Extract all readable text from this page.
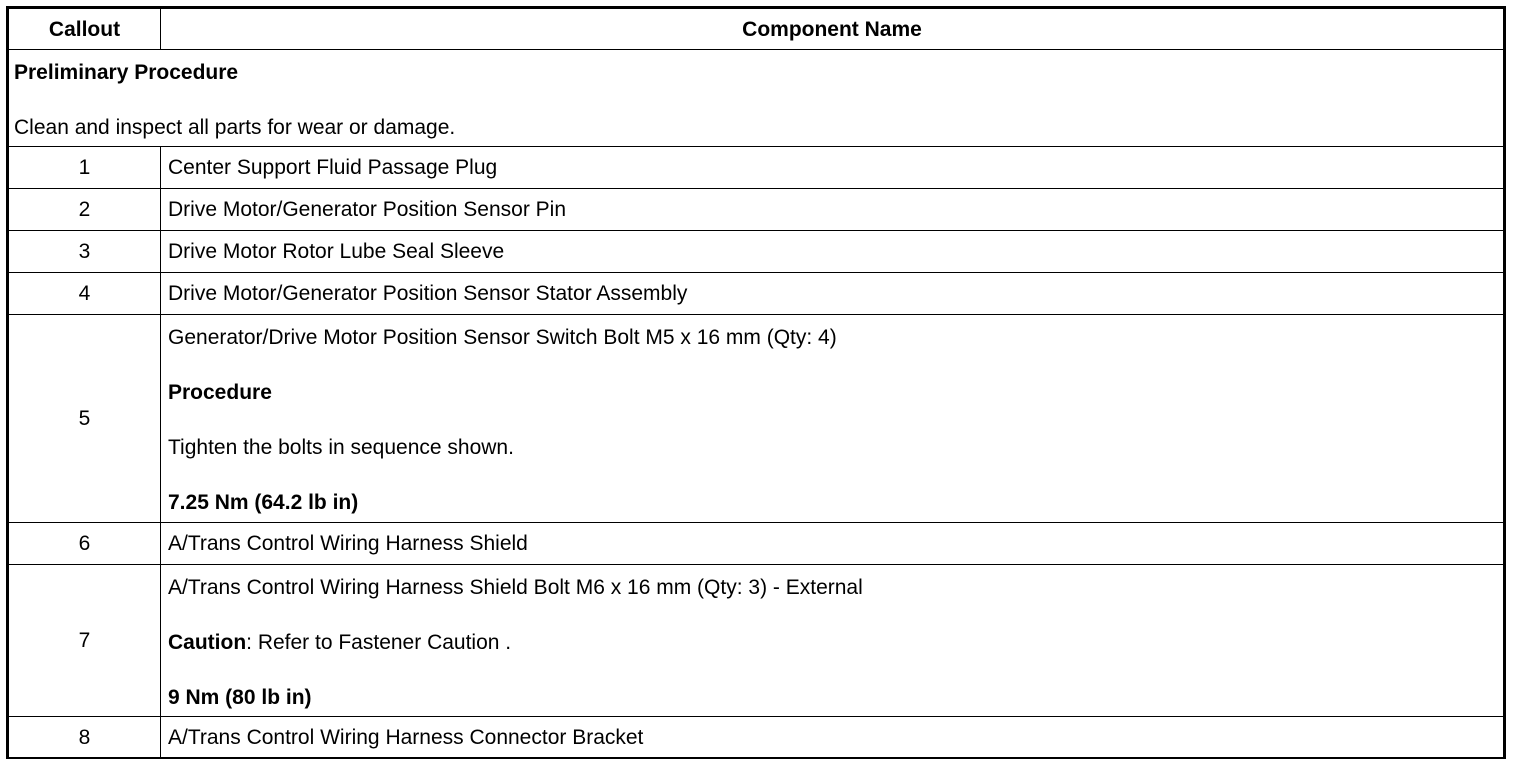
Callout	Component Name

Preliminary Procedure

Clean and inspect all parts for wear or damage.	

1	Center Support Fluid Passage Plug
2	Drive Motor/Generator Position Sensor Pin
3	Drive Motor Rotor Lube Seal Sleeve
4	Drive Motor/Generator Position Sensor Stator Assembly
5	Generator/Drive Motor Position Sensor Switch Bolt M5 x 16 mm (Qty: 4)

Procedure

Tighten the bolts in sequence shown.

7.25 Nm (64.2 lb in)

6	A/Trans Control Wiring Harness Shield
7	A/Trans Control Wiring Harness Shield Bolt M6 x 16 mm (Qty: 3) - External

Caution: Refer to Fastener Caution .

9 Nm (80 lb in)

8	A/Trans Control Wiring Harness Connector Bracket
